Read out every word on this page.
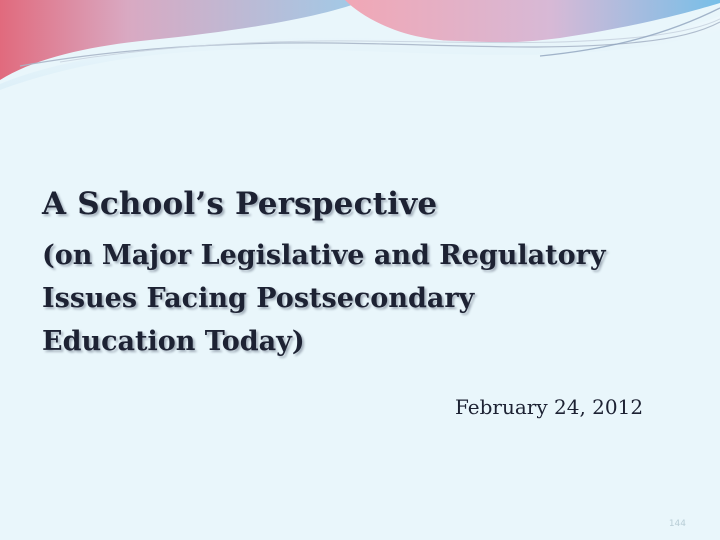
A School’s Perspective
(on Major Legislative and Regulatory
Issues Facing Postsecondary
Education Today)
February 24, 2012
144
